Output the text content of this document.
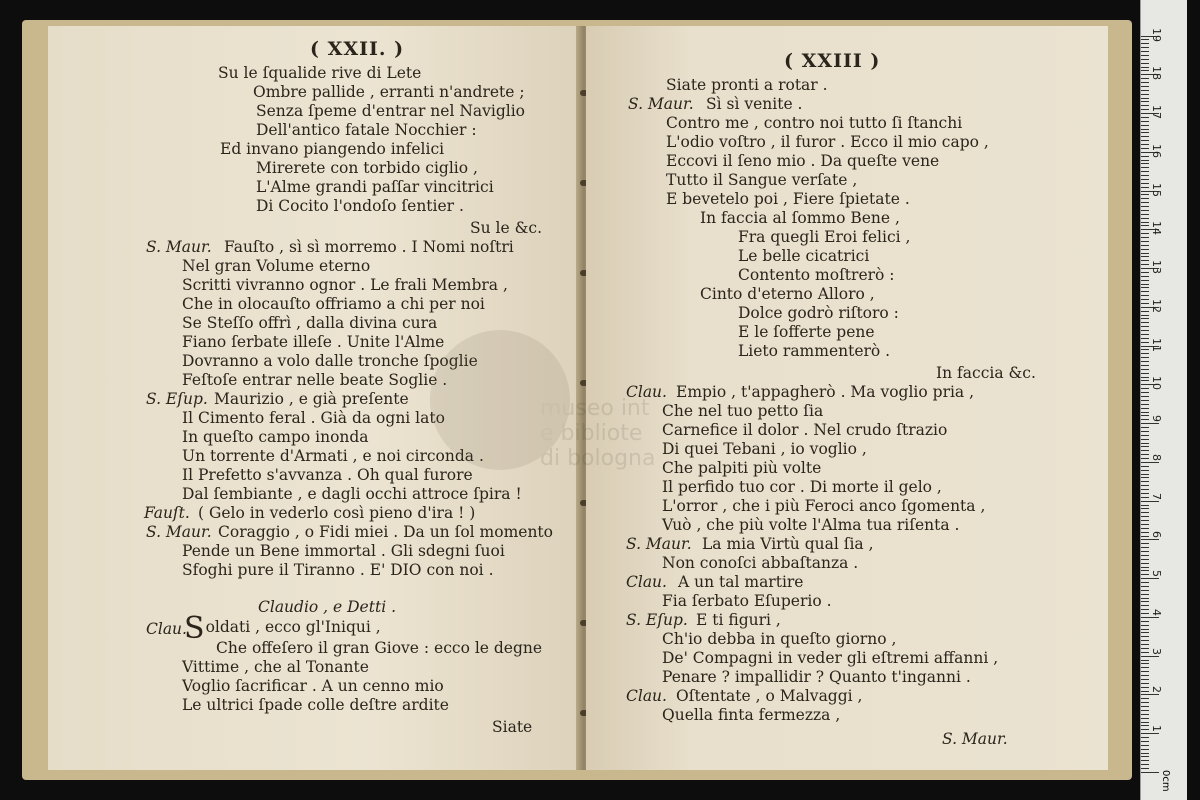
( XXII. )
Su le ſqualide rive di Lete
Ombre pallide , erranti n'andrete ;
Senza ſpeme d'entrar nel Naviglio
Dell'antico fatale Nocchier :
Ed invano piangendo infelici
Mirerete con torbido ciglio ,
L'Alme grandi paſſar vincitrici
Di Cocito l'ondoſo ſentier .
Su le &c.
S. Maur. Fauſto , sì sì morremo . I Nomi noſtri
Nel gran Volume eterno
Scritti vivranno ognor . Le frali Membra ,
Che in olocauſto offriamo a chi per noi
Se Steſſo offrì , dalla divina cura
Fiano ſerbate illeſe . Unite l'Alme
Dovranno a volo dalle tronche ſpoglie
Feſtoſe entrar nelle beate Soglie .
S. Eſup. Maurizio , e già preſente
Il Cimento feral . Già da ogni lato
In queſto campo inonda
Un torrente d'Armati , e noi circonda .
Il Prefetto s'avvanza . Oh qual furore
Dal ſembiante , e dagli occhi attroce ſpira !
Fauſt. ( Gelo in vederlo così pieno d'ira ! )
S. Maur. Coraggio , o Fidi miei . Da un ſol momento
Pende un Bene immortal . Gli sdegni ſuoi
Sfoghi pure il Tiranno . E' DIO con noi .
Claudio , e Detti .
Clau.
Soldati , ecco gl'Iniqui ,
Che offeſero il gran Giove : ecco le degne
Vittime , che al Tonante
Voglio ſacrificar . A un cenno mio
Le ultrici ſpade colle deſtre ardite
Siate
( XXIII )
Siate pronti a rotar .
S. Maur. Sì sì venite .
Contro me , contro noi tutto ſi ſtanchi
L'odio voſtro , il furor . Ecco il mio capo ,
Eccovi il ſeno mio . Da queſte vene
Tutto il Sangue verſate ,
E bevetelo poi , Fiere ſpietate .
In faccia al ſommo Bene ,
Fra quegli Eroi felici ,
Le belle cicatrici
Contento moſtrerò :
Cinto d'eterno Alloro ,
Dolce godrò riſtoro :
E le ſofferte pene
Lieto rammenterò .
In faccia &c.
Clau. Empio , t'appagherò . Ma voglio pria ,
Che nel tuo petto ſia
Carnefice il dolor . Nel crudo ſtrazio
Di quei Tebani , io voglio ,
Che palpiti più volte
Il perfido tuo cor . Di morte il gelo ,
L'orror , che i più Feroci anco ſgomenta ,
Vuò , che più volte l'Alma tua riſenta .
S. Maur. La mia Virtù qual ſia ,
Non conoſci abbaſtanza .
Clau. A un tal martire
Fia ſerbato Eſuperio .
S. Eſup. E ti figuri ,
Ch'io debba in queſto giorno ,
De' Compagni in veder gli eſtremi affanni ,
Penare ? impallidir ? Quanto t'inganni .
Clau. Oſtentate , o Malvaggi ,
Quella finta fermezza ,
S. Maur.
museo int
e bibliote
di bologna
0cm
1
2
3
4
5
6
7
8
9
10
11
12
13
14
15
16
17
18
19
